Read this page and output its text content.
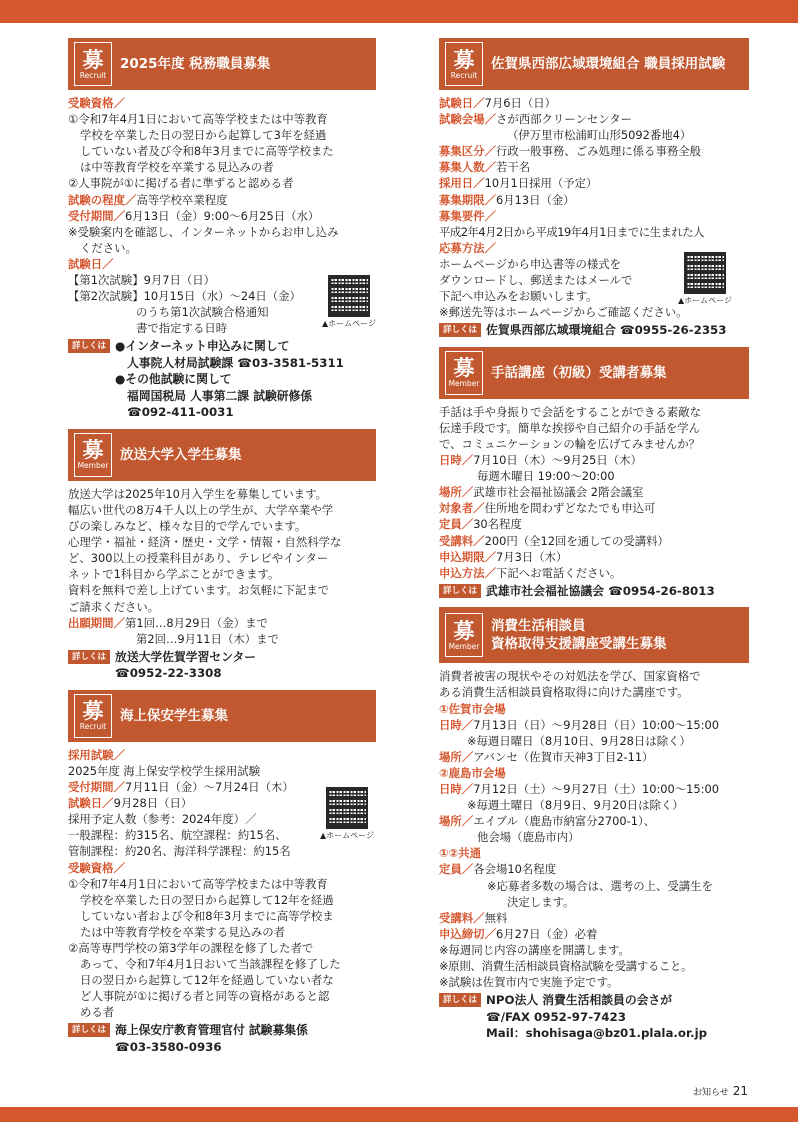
募
Recruit
2025年度 税務職員募集
受験資格／
①令和7年4月1日において高等学校または中等教育
学校を卒業した日の翌日から起算して3年を経過
していない者及び令和8年3月までに高等学校また
は中等教育学校を卒業する見込みの者
②人事院が①に掲げる者に準ずると認める者
試験の程度／高等学校卒業程度
受付期間／6月13日（金）9:00～6月25日（水）
※受験案内を確認し、インターネットからお申し込み
ください。
試験日／
【第1次試験】9月7日（日）
【第2次試験】10月15日（水）～24日（金）
のうち第1次試験合格通知
書で指定する日時
詳しくは ●インターネット申込みに関して
人事院人材局試験課 ☎03-3581-5311
●その他試験に関して
福岡国税局 人事第二課 試験研修係
☎092-411-0031
募
Member
放送大学入学生募集
放送大学は2025年10月入学生を募集しています。
幅広い世代の8万4千人以上の学生が、大学卒業や学
びの楽しみなど、様々な目的で学んでいます。
心理学・福祉・経済・歴史・文学・情報・自然科学な
ど、300以上の授業科目があり、テレビやインター
ネットで1科目から学ぶことができます。
資料を無料で差し上げています。お気軽に下記まで
ご請求ください。
出願期間／第1回…8月29日（金）まで
第2回…9月11日（木）まで
詳しくは 放送大学佐賀学習センター
☎0952-22-3308
募
Recruit
海上保安学生募集
採用試験／
2025年度 海上保安学校学生採用試験
受付期間／7月11日（金）～7月24日（木）
試験日／9月28日（日）
採用予定人数（参考：2024年度）／
一般課程：約315名、航空課程：約15名、
管制課程：約20名、海洋科学課程：約15名
受験資格／
①令和7年4月1日において高等学校または中等教育
学校を卒業した日の翌日から起算して12年を経過
していない者および令和8年3月までに高等学校ま
たは中等教育学校を卒業する見込みの者
②高等専門学校の第3学年の課程を修了した者で
あって、令和7年4月1日おいて当該課程を修了した
日の翌日から起算して12年を経過していない者な
ど人事院が①に掲げる者と同等の資格があると認
める者
詳しくは 海上保安庁教育管理官付 試験募集係
☎03-3580-0936
▲ホームページ
▲ホームページ
募
Recruit
佐賀県西部広域環境組合 職員採用試験
試験日／7月6日（日）
試験会場／さが西部クリーンセンター
（伊万里市松浦町山形5092番地4）
募集区分／行政一般事務、ごみ処理に係る事務全般
募集人数／若干名
採用日／10月1日採用（予定）
募集期限／6月13日（金）
募集要件／
平成2年4月2日から平成19年4月1日までに生まれた人
応募方法／
ホームページから申込書等の様式を
ダウンロードし、郵送またはメールで
下記へ申込みをお願いします。
※郵送先等はホームページからご確認ください。
詳しくは 佐賀県西部広域環境組合 ☎0955-26-2353
募
Member
手話講座（初級）受講者募集
手話は手や身振りで会話をすることができる素敵な
伝達手段です。簡単な挨拶や自己紹介の手話を学ん
で、コミュニケーションの輪を広げてみませんか？
日時／7月10日（木）～9月25日（木）
毎週木曜日 19:00～20:00
場所／武雄市社会福祉協議会 2階会議室
対象者／住所地を問わずどなたでも申込可
定員／30名程度
受講料／200円（全12回を通しての受講料）
申込期限／7月3日（木）
申込方法／下記へお電話ください。
詳しくは 武雄市社会福祉協議会 ☎0954-26-8013
募
Member
消費生活相談員
資格取得支援講座受講生募集
消費者被害の現状やその対処法を学び、国家資格で
ある消費生活相談員資格取得に向けた講座です。
①佐賀市会場
日時／7月13日（日）～9月28日（日）10:00～15:00
※毎週日曜日（8月10日、9月28日は除く）
場所／アバンセ（佐賀市天神3丁目2-11）
②鹿島市会場
日時／7月12日（土）～9月27日（土）10:00～15:00
※毎週土曜日（8月9日、9月20日は除く）
場所／エイブル（鹿島市納富分2700-1）、
他会場（鹿島市内）
①②共通
定員／各会場10名程度
※応募者多数の場合は、選考の上、受講生を
決定します。
受講料／無料
申込締切／6月27日（金）必着
※毎週同じ内容の講座を開講します。
※原則、消費生活相談員資格試験を受講すること。
※試験は佐賀市内で実施予定です。
詳しくは NPO法人 消費生活相談員の会さが
☎/FAX 0952-97-7423
Mail：shohisaga@bz01.plala.or.jp
▲ホームページ
お知らせ 21
